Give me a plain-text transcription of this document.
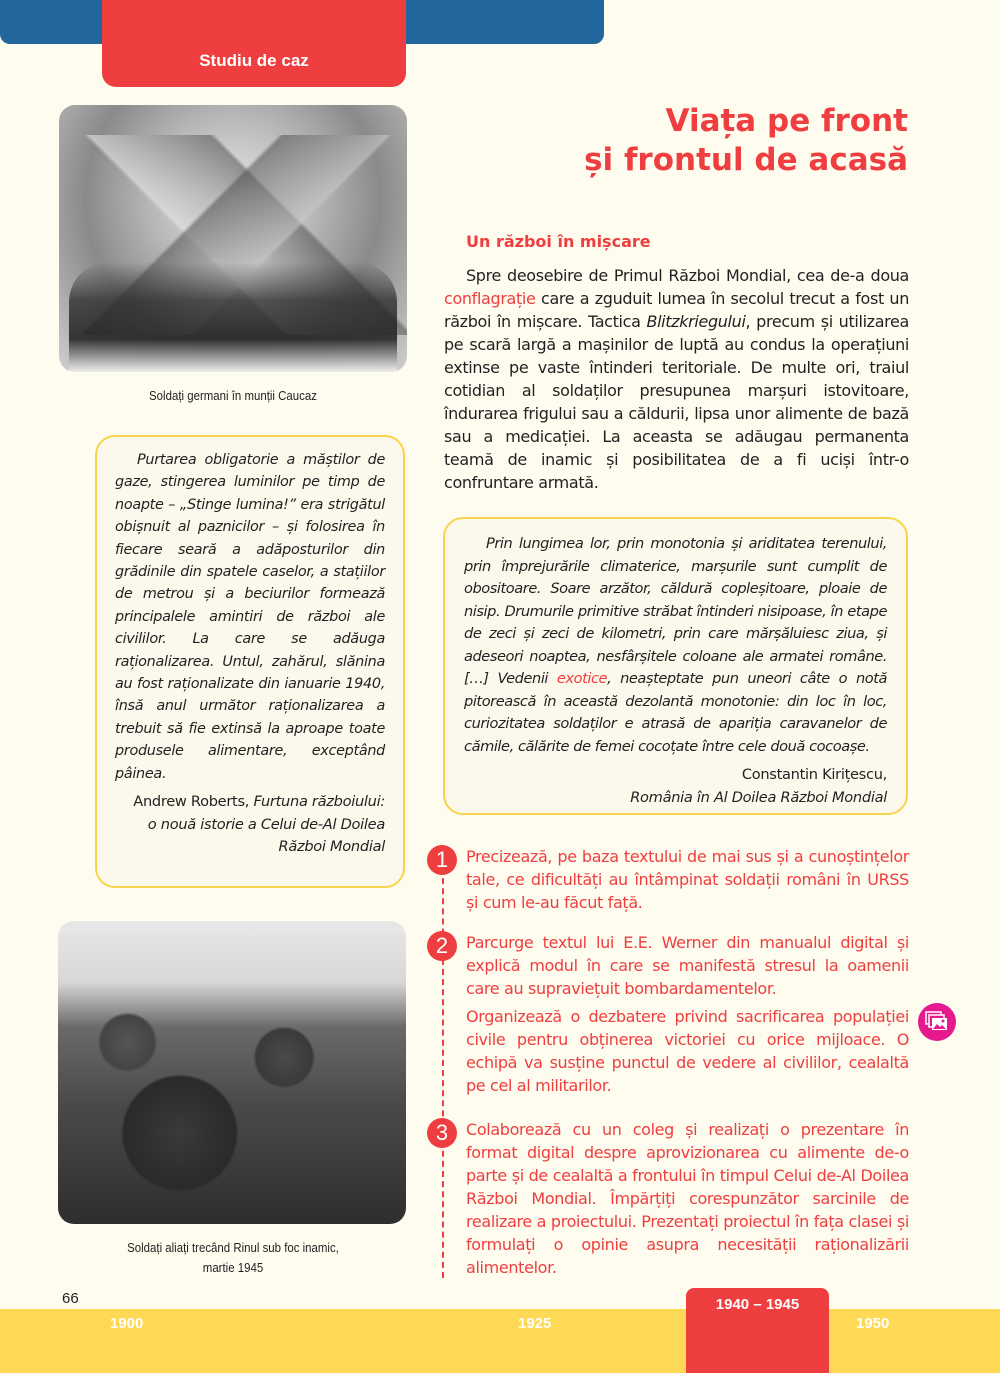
Studiu de caz
Viața pe front
și frontul de acasă
Soldați germani în munții Caucaz

Purtarea obligatorie a măștilor de gaze, stingerea luminilor pe timp de noapte – „Stinge lumina!” era strigătul obișnuit al paznicilor – și folosirea în fiecare seară a adăposturilor din grădinile din spatele caselor, a stațiilor de metrou și a beciurilor formează principalele amintiri de război ale civililor. La care se adăuga raționalizarea. Untul, zahărul, slănina au fost raționalizate din ianuarie 1940, însă anul următor raționalizarea a trebuit să fie extinsă la aproape toate produsele alimentare, exceptând pâinea.

Andrew Roberts, Furtuna războiului:
o nouă istorie a Celui de-Al Doilea
Război Mondial
Soldați aliați trecând Rinul sub foc inamic,
martie 1945
Un război în mișcare

Spre deosebire de Primul Război Mondial, cea de-a doua conflagrație care a zguduit lumea în secolul trecut a fost un război în mișcare. Tactica Blitzkriegului, precum și utilizarea pe scară largă a mașinilor de luptă au condus la operațiuni extinse pe vaste întinderi teritoriale. De multe ori, traiul cotidian al soldaților presupunea marșuri istovitoare, îndurarea frigului sau a căldurii, lipsa unor alimente de bază sau a medicației. La aceasta se adăugau permanenta teamă de inamic și posibilitatea de a fi uciși într-o confruntare armată.

Prin lungimea lor, prin monotonia și ariditatea terenului, prin împrejurările climaterice, marșurile sunt cumplit de obositoare. Soare arzător, căldură copleșitoare, ploaie de nisip. Drumurile primitive străbat întinderi nisipoase, în etape de zeci și zeci de kilometri, prin care mărșăluiesc ziua, și adeseori noaptea, nesfârșitele coloane ale armatei române. […] Vedenii exotice, neașteptate pun uneori câte o notă pitorească în această dezolantă monotonie: din loc în loc, curiozitatea soldaților e atrasă de apariția caravanelor de cămile, călărite de femei cocoțate între cele două cocoașe.

Constantin Kirițescu,
România în Al Doilea Război Mondial
1	Precizează, pe baza textului de mai sus și a cunoștințelor tale, ce dificultăți au întâmpinat soldații români în URSS și cum le-au făcut față.

2	Parcurge textul lui E.E. Werner din manualul digital și explică modul în care se manifestă stresul la oamenii care au supraviețuit bombardamentelor.

Organizează o dezbatere privind sacrificarea populației civile pentru obținerea victoriei cu orice mijloace. O echipă va susține punctul de vedere al civililor, cealaltă pe cel al militarilor.

3	Colaborează cu un coleg și realizați o prezentare în format digital despre aprovizionarea cu alimente de-o parte și de cealaltă a frontului în timpul Celui de-Al Doilea Război Mondial. Împărțiți corespunzător sarcinile de realizare a proiectului. Prezentați proiectul în fața clasei și formulați o opinie asupra necesității raționalizării alimentelor.

66
1900	1925
1940 – 1945
1950
